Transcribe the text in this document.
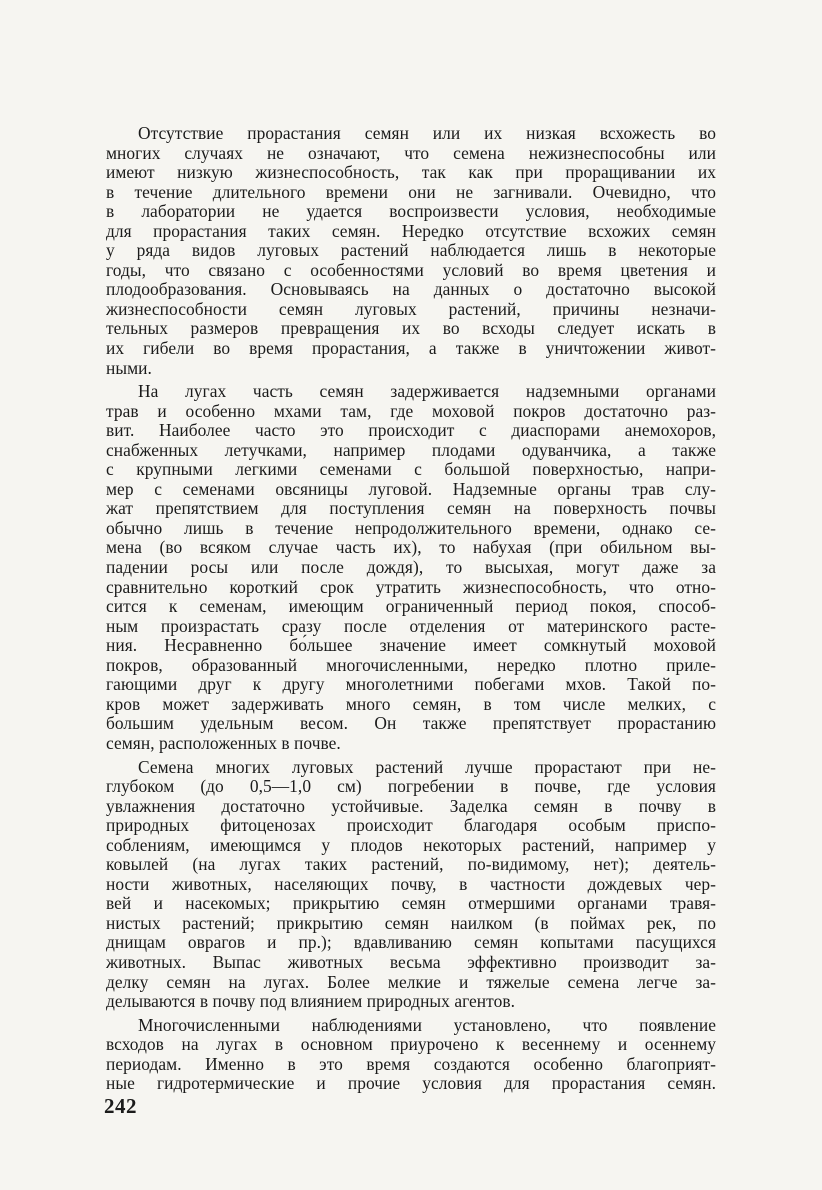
Отсутствие прорастания семян или их низкая всхожесть во
многих случаях не означают, что семена нежизнеспособны или
имеют низкую жизнеспособность, так как при проращивании их
в течение длительного времени они не загнивали. Очевидно, что
в лаборатории не удается воспроизвести условия, необходимые
для прорастания таких семян. Нередко отсутствие всхожих семян
у ряда видов луговых растений наблюдается лишь в некоторые
годы, что связано с особенностями условий во время цветения и
плодообразования. Основываясь на данных о достаточно высокой
жизнеспособности семян луговых растений, причины незначи-
тельных размеров превращения их во всходы следует искать в
их гибели во время прорастания, а также в уничтожении живот-
ными.
На лугах часть семян задерживается надземными органами
трав и особенно мхами там, где моховой покров достаточно раз-
вит. Наиболее часто это происходит с диаспорами анемохоров,
снабженных летучками, например плодами одуванчика, а также
с крупными легкими семенами с большой поверхностью, напри-
мер с семенами овсяницы луговой. Надземные органы трав слу-
жат препятствием для поступления семян на поверхность почвы
обычно лишь в течение непродолжительного времени, однако се-
мена (во всяком случае часть их), то набухая (при обильном вы-
падении росы или после дождя), то высыхая, могут даже за
сравнительно короткий срок утратить жизнеспособность, что отно-
сится к семенам, имеющим ограниченный период покоя, способ-
ным произрастать сразу после отделения от материнского расте-
ния. Несравненно бо́льшее значение имеет сомкнутый моховой
покров, образованный многочисленными, нередко плотно приле-
гающими друг к другу многолетними побегами мхов. Такой по-
кров может задерживать много семян, в том числе мелких, с
большим удельным весом. Он также препятствует прорастанию
семян, расположенных в почве.
Семена многих луговых растений лучше прорастают при не-
глубоком (до 0,5—1,0 см) погребении в почве, где условия
увлажнения достаточно устойчивые. Заделка семян в почву в
природных фитоценозах происходит благодаря особым приспо-
соблениям, имеющимся у плодов некоторых растений, например у
ковылей (на лугах таких растений, по-видимому, нет); деятель-
ности животных, населяющих почву, в частности дождевых чер-
вей и насекомых; прикрытию семян отмершими органами травя-
нистых растений; прикрытию семян наилком (в поймах рек, по
днищам оврагов и пр.); вдавливанию семян копытами пасущихся
животных. Выпас животных весьма эффективно производит за-
делку семян на лугах. Более мелкие и тяжелые семена легче за-
делываются в почву под влиянием природных агентов.
Многочисленными наблюдениями установлено, что появление
всходов на лугах в основном приурочено к весеннему и осеннему
периодам. Именно в это время создаются особенно благоприят-
ные гидротермические и прочие условия для прорастания семян.
242
